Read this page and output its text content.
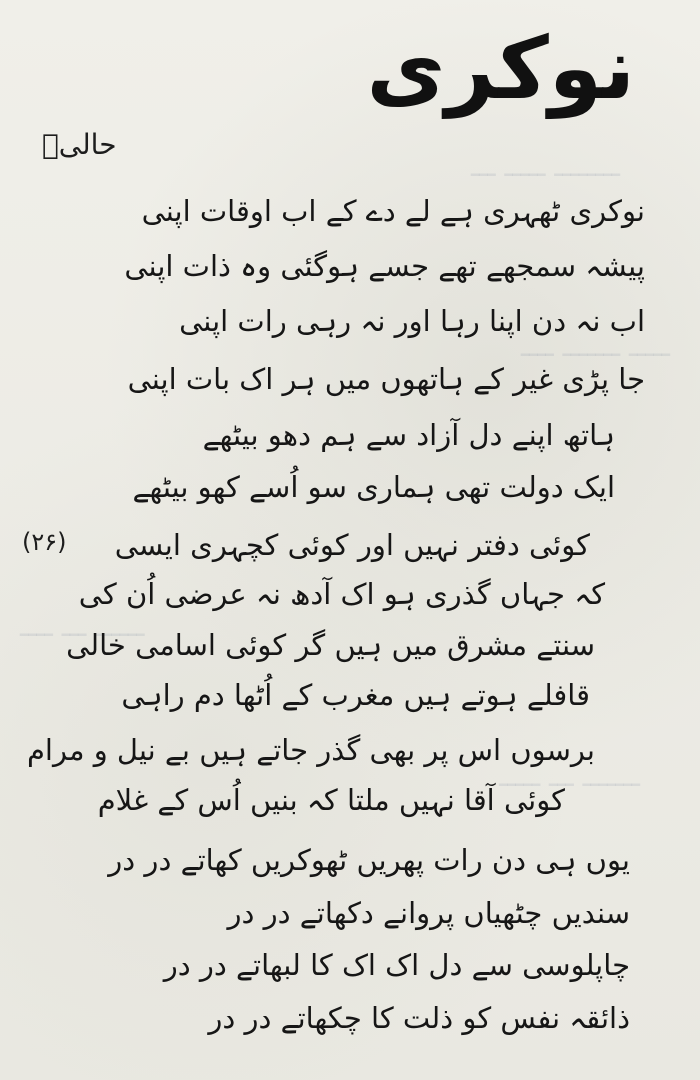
ــــــــ ـــــ ـــ
ـــــ ـــــــ ــــ
ــــــ ـــ ــــ
ـــــــ ـــ ـــــ
نوکری
حالیؔ
نوکری ٹھہری ہے لے دے کے اب اوقات اپنی
پیشہ سمجھے تھے جسے ہوگئی وہ ذات اپنی
اب نہ دن اپنا رہا اور نہ رہی رات اپنی
جا پڑی غیر کے ہاتھوں میں ہر اک بات اپنی
ہاتھ اپنے دل آزاد سے ہم دھو بیٹھے
ایک دولت تھی ہماری سو اُسے کھو بیٹھے
(۲۶) کوئی دفتر نہیں اور کوئی کچہری ایسی
کہ جہاں گذری ہو اک آدھ نہ عرضی اُن کی
سنتے مشرق میں ہیں گر کوئی اسامی خالی
قافلے ہوتے ہیں مغرب کے اُٹھا دم راہی
برسوں اس پر بھی گذر جاتے ہیں بے نیل و مرام
کوئی آقا نہیں ملتا کہ بنیں اُس کے غلام
یوں ہی دن رات پھریں ٹھوکریں کھاتے در در
سندیں چٹھیاں پروانے دکھاتے در در
چاپلوسی سے دل اک اک کا لبھاتے در در
ذائقہ نفس کو ذلت کا چکھاتے در در
